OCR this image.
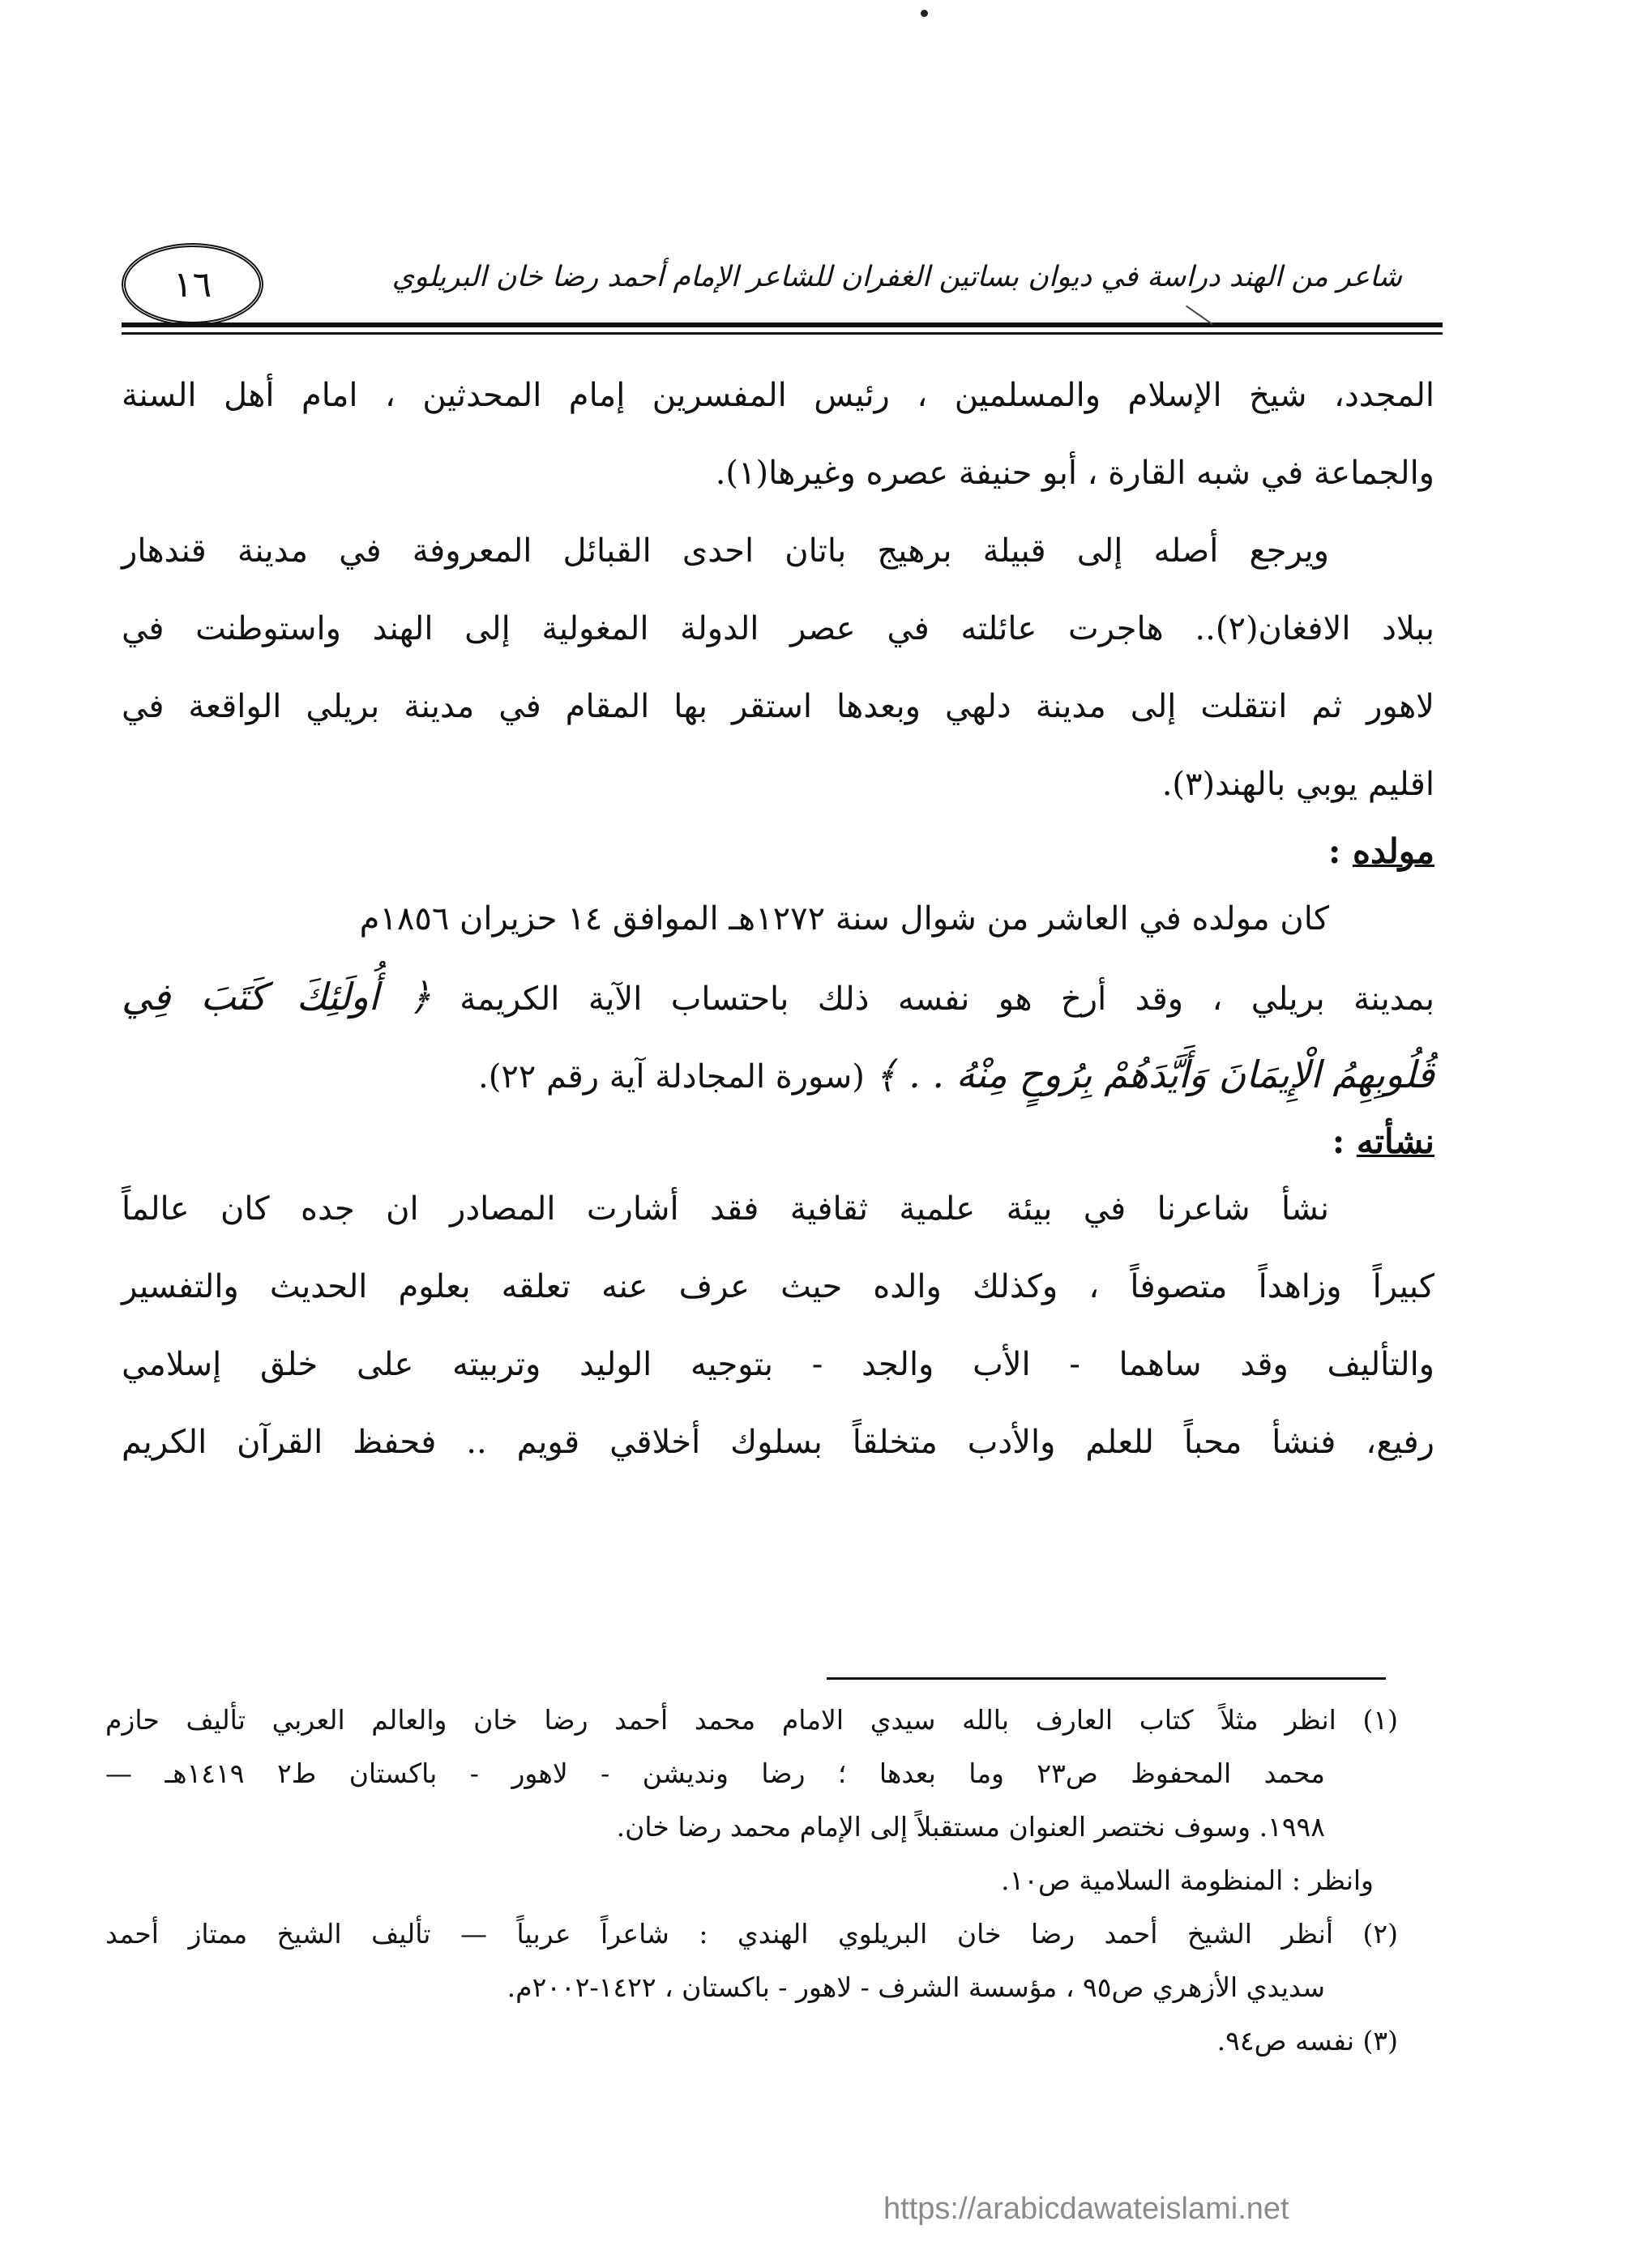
١٦	شاعر من الهند دراسة في ديوان بساتين الغفران للشاعر الإمام أحمد رضا خان البريلوي
المجدد، شيخ الإسلام والمسلمين ، رئيس المفسرين إمام المحدثين ، امام أهل السنة
والجماعة في شبه القارة ، أبو حنيفة عصره وغيرها(١).
ويرجع أصله إلى قبيلة برهيج باتان احدى القبائل المعروفة في مدينة قندهار
ببلاد الافغان(٢).. هاجرت عائلته في عصر الدولة المغولية إلى الهند واستوطنت في
لاهور ثم انتقلت إلى مدينة دلهي وبعدها استقر بها المقام في مدينة بريلي الواقعة في
اقليم يوبي بالهند(٣).
مولده :
كان مولده في العاشر من شوال سنة ١٢٧٢هـ الموافق ١٤ حزيران ١٨٥٦م
بمدينة بريلي ، وقد أرخ هو نفسه ذلك باحتساب الآية الكريمة ﴿ أُولَئِكَ كَتَبَ فِي
قُلُوبِهِمُ الْإِيمَانَ وَأَيَّدَهُمْ بِرُوحٍ مِنْهُ . . ﴾ (سورة المجادلة آية رقم ٢٢).
نشأته :
نشأ شاعرنا في بيئة علمية ثقافية فقد أشارت المصادر ان جده كان عالماً
كبيراً وزاهداً متصوفاً ، وكذلك والده حيث عرف عنه تعلقه بعلوم الحديث والتفسير
والتأليف وقد ساهما - الأب والجد - بتوجيه الوليد وتربيته على خلق إسلامي
رفيع، فنشأ محباً للعلم والأدب متخلقاً بسلوك أخلاقي قويم .. فحفظ القرآن الكريم
(١) انظر مثلاً كتاب العارف بالله سيدي الامام محمد أحمد رضا خان والعالم العربي تأليف حازم
محمد المحفوظ ص٢٣ وما بعدها ؛ رضا ونديشن - لاهور - باكستان ط٢ ١٤١٩هـ —
١٩٩٨. وسوف نختصر العنوان مستقبلاً إلى الإمام محمد رضا خان.
وانظر : المنظومة السلامية ص١٠.
(٢) أنظر الشيخ أحمد رضا خان البريلوي الهندي : شاعراً عربياً — تأليف الشيخ ممتاز أحمد
سديدي الأزهري ص٩٥ ، مؤسسة الشرف - لاهور - باكستان ، ١٤٢٢-٢٠٠٢م.
(٣) نفسه ص٩٤.
https://arabicdawateislami.net
